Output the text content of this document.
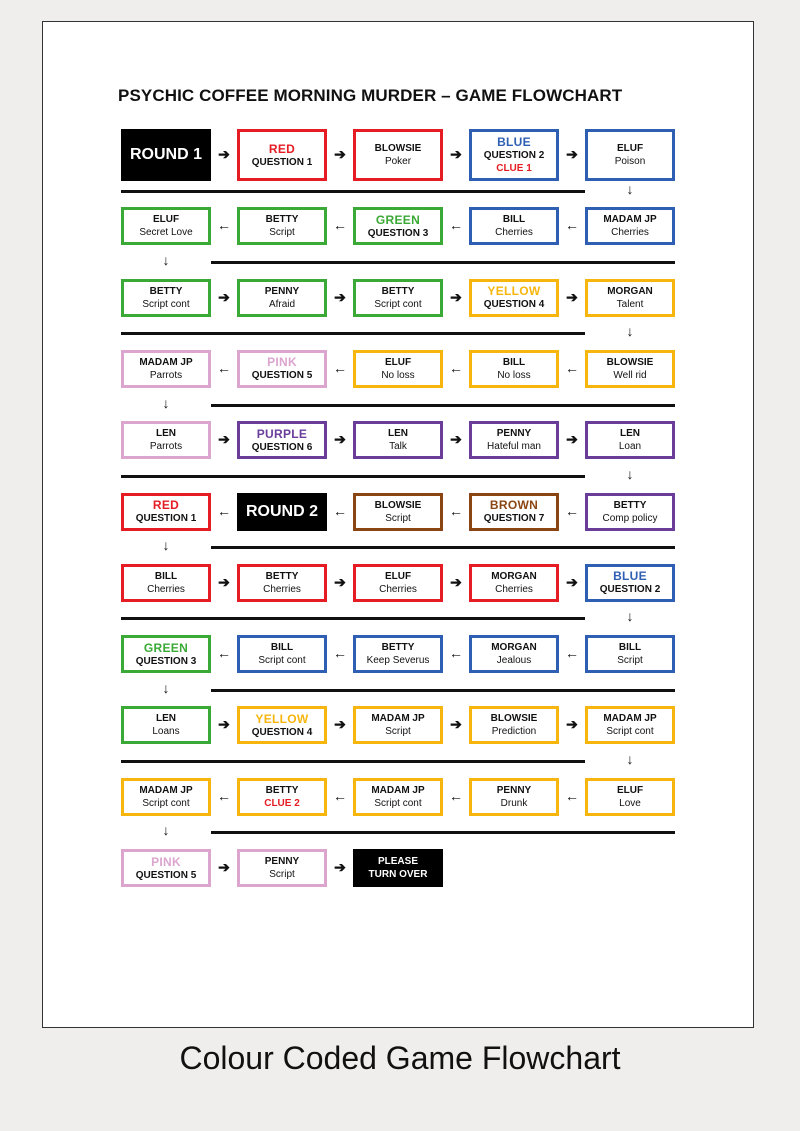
PSYCHIC COFFEE MORNING MURDER – GAME FLOWCHART
Colour Coded Game Flowchart
ROUND 1 ➔	RED
QUESTION 1 ➔	BLOWSIE
Poker	➔
BLUE
QUESTION 2
CLUE 1
➔	ELUF
Poison
↓
ELUF
Secret Love ←	BETTY
Script	← GREEN
QUESTION 3 ←	BILL
Cherries ←	MADAM JP
Cherries
↓
BETTY
Script cont ➔	PENNY
Afraid	➔	BETTY
Script cont ➔	YELLOW
QUESTION 4 ➔	MORGAN
Talent
↓
MADAM JP
Parrots ←	PINK
QUESTION 5 ←	ELUF
No loss ←	BILL
No loss ←	BLOWSIE
Well rid
↓
LEN
Parrots	➔	PURPLE
QUESTION 6 ➔	LEN
Talk	➔	PENNY
Hateful man ➔	LEN
Loan
↓
RED
QUESTION 1 ← ROUND 2 ←	BLOWSIE
Script	← BROWN
QUESTION 7 ←	BETTY
Comp policy
↓
BILL
Cherries ➔	BETTY
Cherries ➔	ELUF
Cherries ➔	MORGAN
Cherries ➔	BLUE
QUESTION 2
↓
GREEN
QUESTION 3 ←	BILL
Script cont ←	BETTY
Keep Severus ←	MORGAN
Jealous ←	BILL
Script
↓
LEN
Loans	➔	YELLOW
QUESTION 4 ➔	MADAM JP
Script	➔	BLOWSIE
Prediction ➔	MADAM JP
Script cont
↓
MADAM JP
Script cont ←	BETTY
CLUE 2 ←	MADAM JP
Script cont ←	PENNY
Drunk	←	ELUF
Love
↓
PINK
QUESTION 5 ➔	PENNY
Script	➔	PLEASE
TURN OVER
